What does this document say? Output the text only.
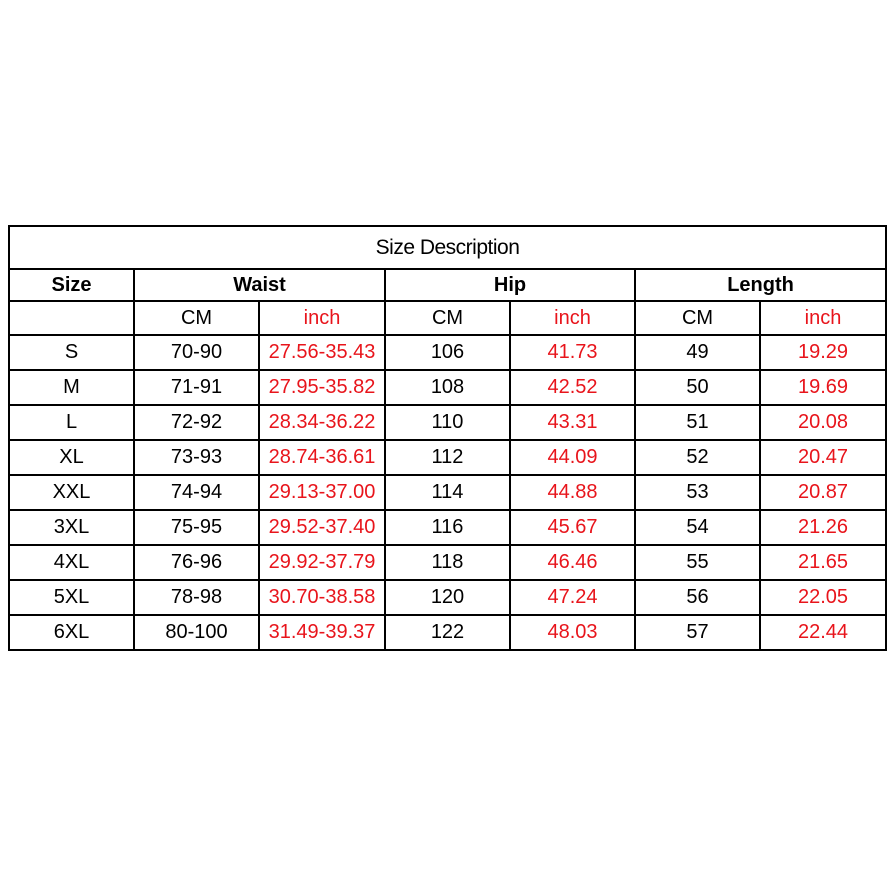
Size Description						
Size	Waist		Hip		Length	
	CM	inch	CM	inch	CM	inch
S	70-90	27.56-35.43	106	41.73	49	19.29
M	71-91	27.95-35.82	108	42.52	50	19.69
L	72-92	28.34-36.22	110	43.31	51	20.08
XL	73-93	28.74-36.61	112	44.09	52	20.47
XXL	74-94	29.13-37.00	114	44.88	53	20.87
3XL	75-95	29.52-37.40	116	45.67	54	21.26
4XL	76-96	29.92-37.79	118	46.46	55	21.65
5XL	78-98	30.70-38.58	120	47.24	56	22.05
6XL	80-100	31.49-39.37	122	48.03	57	22.44
